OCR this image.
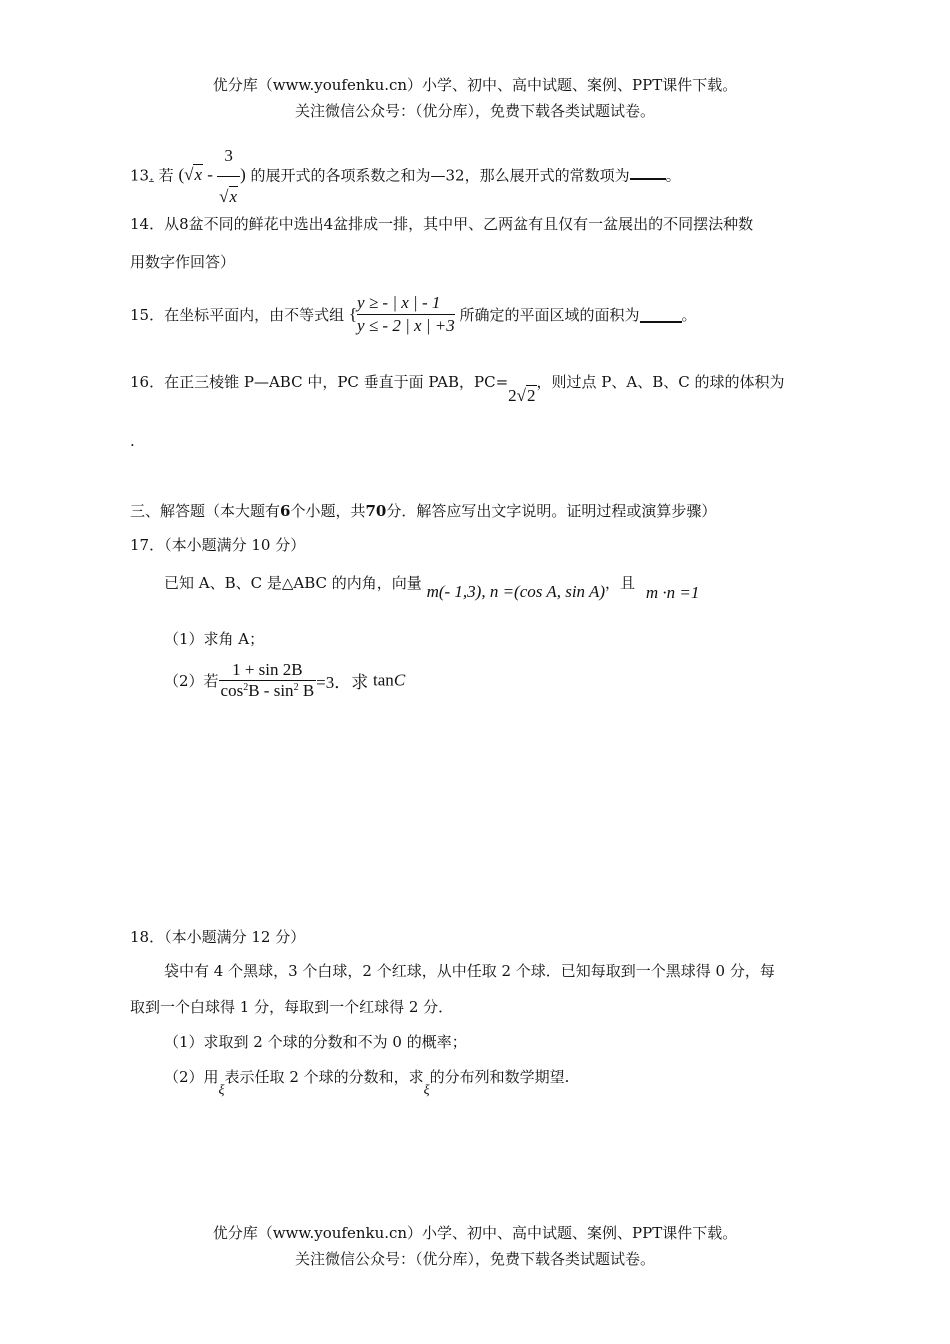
优分库（www.youfenku.cn）小学、初中、高中试题、案例、PPT课件下载。
关注微信公众号：（优分库），免费下载各类试题试卷。
13. 若 ($√x - \frac{3}{√x}$ ) 的展开式的各项系数之和为—32，那么展开式的常数项为 。
14．从8盆不同的鲜花中选出4盆排成一排，其中甲、乙两盆有且仅有一盆展出的不同摆法种数
用数字作回答）
15．在坐标平面内，由不等式组 { $\frac{y \ge - | x | - 1}{y \le - 2 | x | +3}$ 所确定的平面区域的面积为	。
16．在正三棱锥 P—ABC 中，PC 垂直于面 PAB，PC=2√2，则过点 P、A、B、C 的球的体积为
.
三、解答题（本大题有6个小题，共70分．解答应写出文字说明。证明过程或演算步骤）
17．（本小题满分 10 分）
已知 A、B、C 是△ABC 的内角，向量 m(- 1,3), n =(cos A, sin A)，且 m ·n =1
（1）求角 A；
（2）若 $\frac{1 + \sin 2B}{\cos^2B - \sin^2 B} =3$．求 tanC
18．（本小题满分 12 分）
袋中有 4 个黑球，3 个白球，2 个红球，从中任取 2 个球．已知每取到一个黑球得 0 分，每
取到一个白球得 1 分，每取到一个红球得 2 分．
（1）求取到 2 个球的分数和不为 0 的概率；
（2）用ξ表示任取 2 个球的分数和，求ξ的分布列和数学期望.
优分库（www.youfenku.cn）小学、初中、高中试题、案例、PPT课件下载。
关注微信公众号：（优分库），免费下载各类试题试卷。
